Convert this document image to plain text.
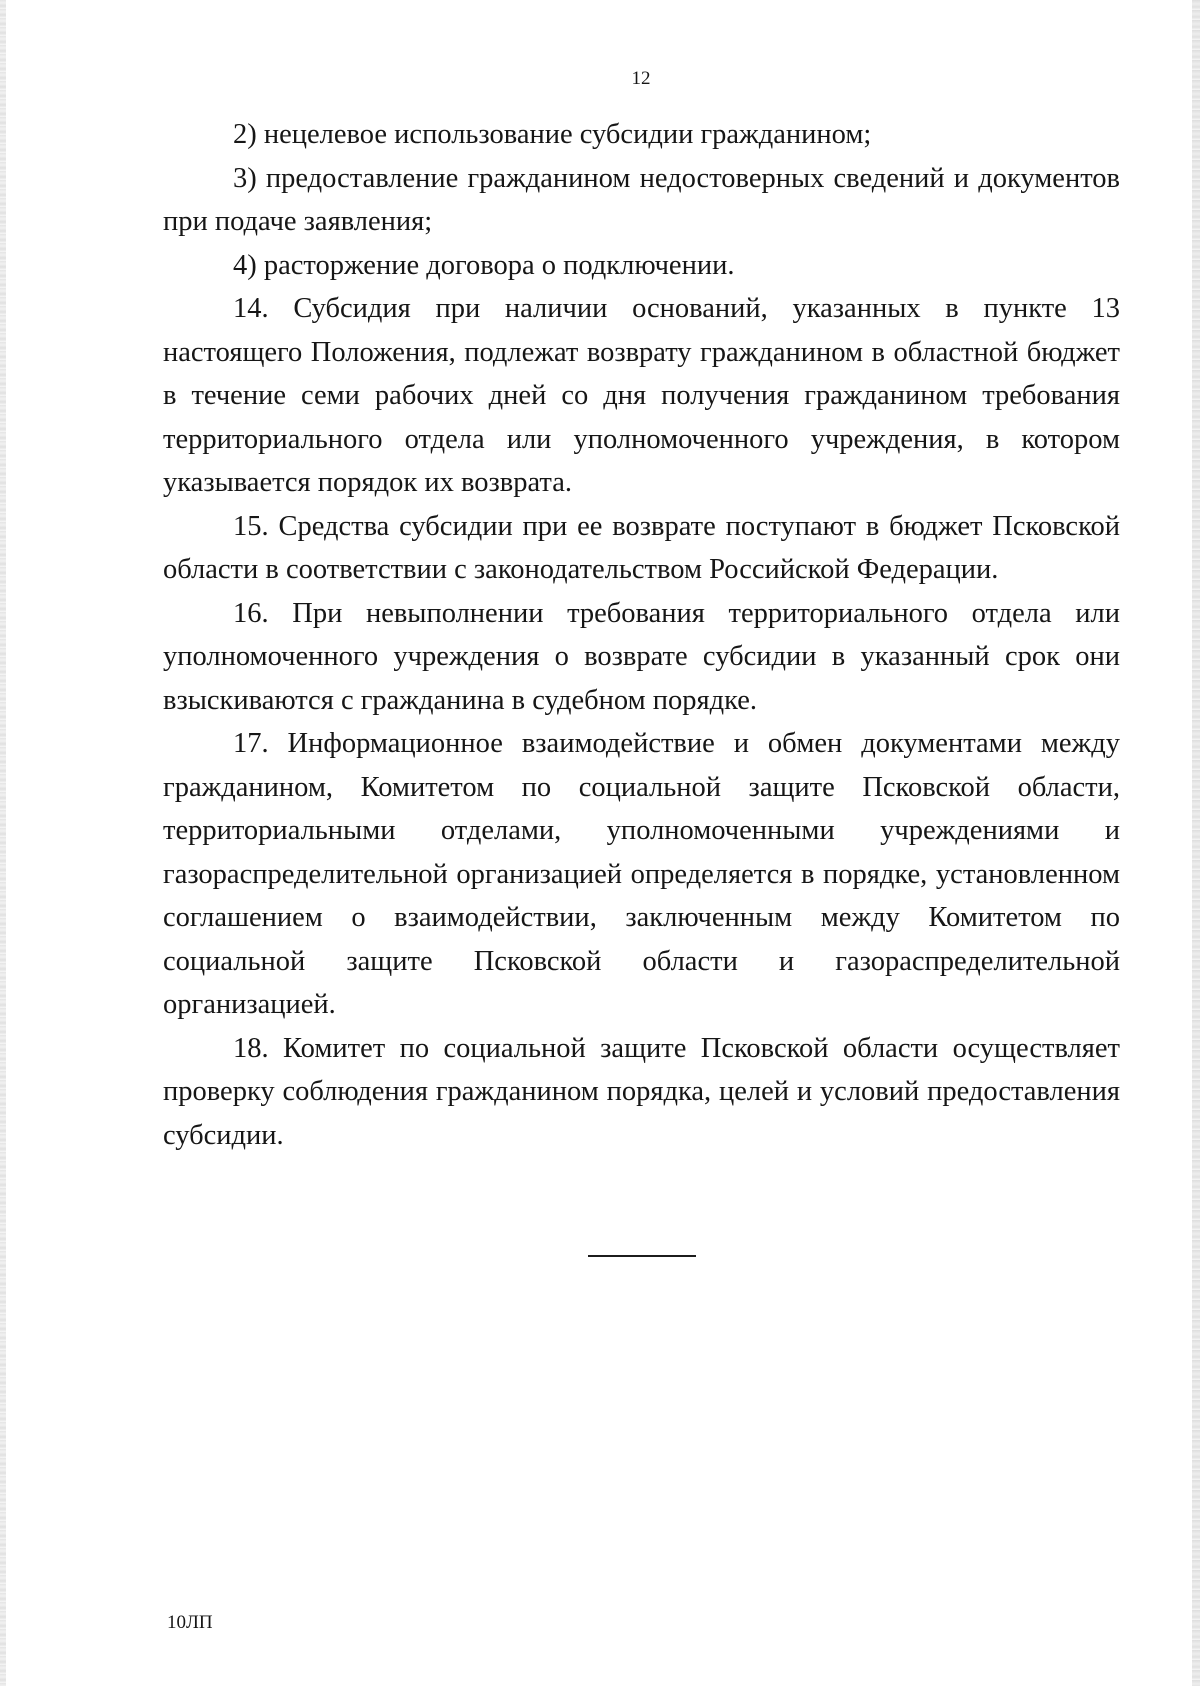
12

2) нецелевое использование субсидии гражданином;

3) предоставление гражданином недостоверных сведений и документов при подаче заявления;

4) расторжение договора о подключении.

14. Субсидия при наличии оснований, указанных в пункте 13 настоящего Положения, подлежат возврату гражданином в областной бюджет в течение семи рабочих дней со дня получения гражданином требования территориального отдела или уполномоченного учреждения, в котором указывается порядок их возврата.

15. Средства субсидии при ее возврате поступают в бюджет Псковской области в соответствии с законодательством Российской Федерации.

16. При невыполнении требования территориального отдела или уполномоченного учреждения о возврате субсидии в указанный срок они взыскиваются с гражданина в судебном порядке.

17. Информационное взаимодействие и обмен документами между гражданином, Комитетом по социальной защите Псковской области, территориальными отделами, уполномоченными учреждениями и газораспределительной организацией определяется в порядке, установленном соглашением о взаимодействии, заключенным между Комитетом по социальной защите Псковской области и газораспределительной организацией.

18. Комитет по социальной защите Псковской области осуществляет проверку соблюдения гражданином порядка, целей и условий предоставления субсидии.

10ЛП
